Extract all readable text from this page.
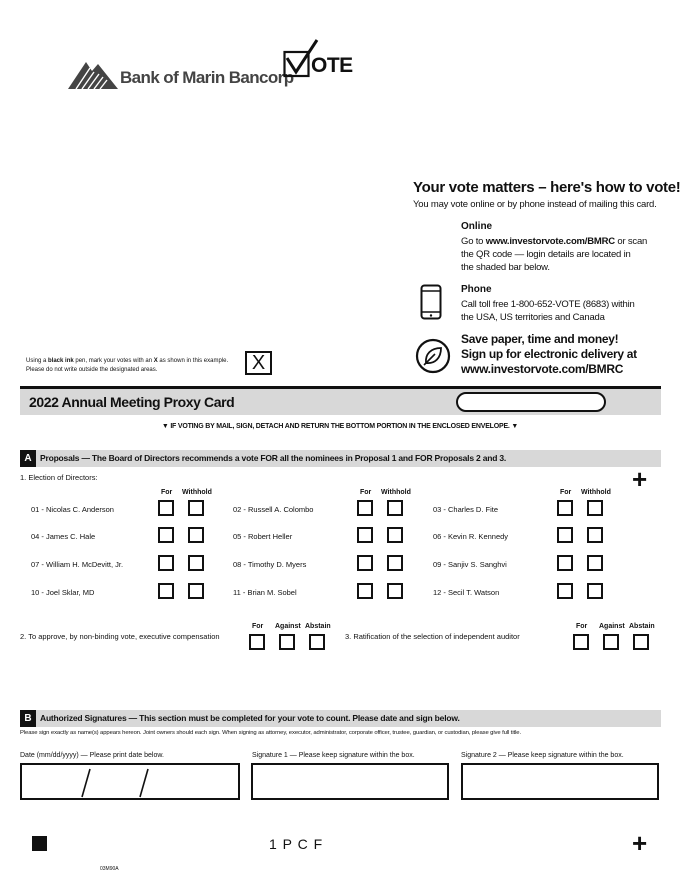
Bank of Marin Bancorp
OTE
Your vote matters – here's how to vote!
You may vote online or by phone instead of mailing this card.
Online
Go to www.investorvote.com/BMRC or scan
the QR code — login details are located in
the shaded bar below.
Phone
Call toll free 1-800-652-VOTE (8683) within
the USA, US territories and Canada
Save paper, time and money!
Sign up for electronic delivery at
www.investorvote.com/BMRC
Using a black ink pen, mark your votes with an X as shown in this example.
Please do not write outside the designated areas.	X
2022 Annual Meeting Proxy Card
▼ IF VOTING BY MAIL, SIGN, DETACH AND RETURN THE BOTTOM PORTION IN THE ENCLOSED ENVELOPE. ▼
A Proposals — The Board of Directors recommends a vote FOR all the nominees in Proposal 1 and FOR Proposals 2 and 3.
1. Election of Directors:	+
For Withhold	For Withhold	For Withhold
01 - Nicolas C. Anderson	02 - Russell A. Colombo	03 - Charles D. Fite
04 - James C. Hale	05 - Robert Heller	06 - Kevin R. Kennedy
07 - William H. McDevitt, Jr.	08 - Timothy D. Myers	09 - Sanjiv S. Sanghvi
10 - Joel Sklar, MD	11 - Brian M. Sobel	12 - Secil T. Watson
2. To approve, by non-binding vote, executive compensation
For Against Abstain
3. Ratification of the selection of independent auditor
For Against Abstain
B Authorized Signatures — This section must be completed for your vote to count. Please date and sign below.
Please sign exactly as name(s) appears hereon. Joint owners should each sign. When signing as attorney, executor, administrator, corporate officer, trustee, guardian, or custodian, please give full title.
Date (mm/dd/yyyy) — Please print date below.	Signature 1 — Please keep signature within the box.	Signature 2 — Please keep signature within the box.
1 P C F	+
03M90A
